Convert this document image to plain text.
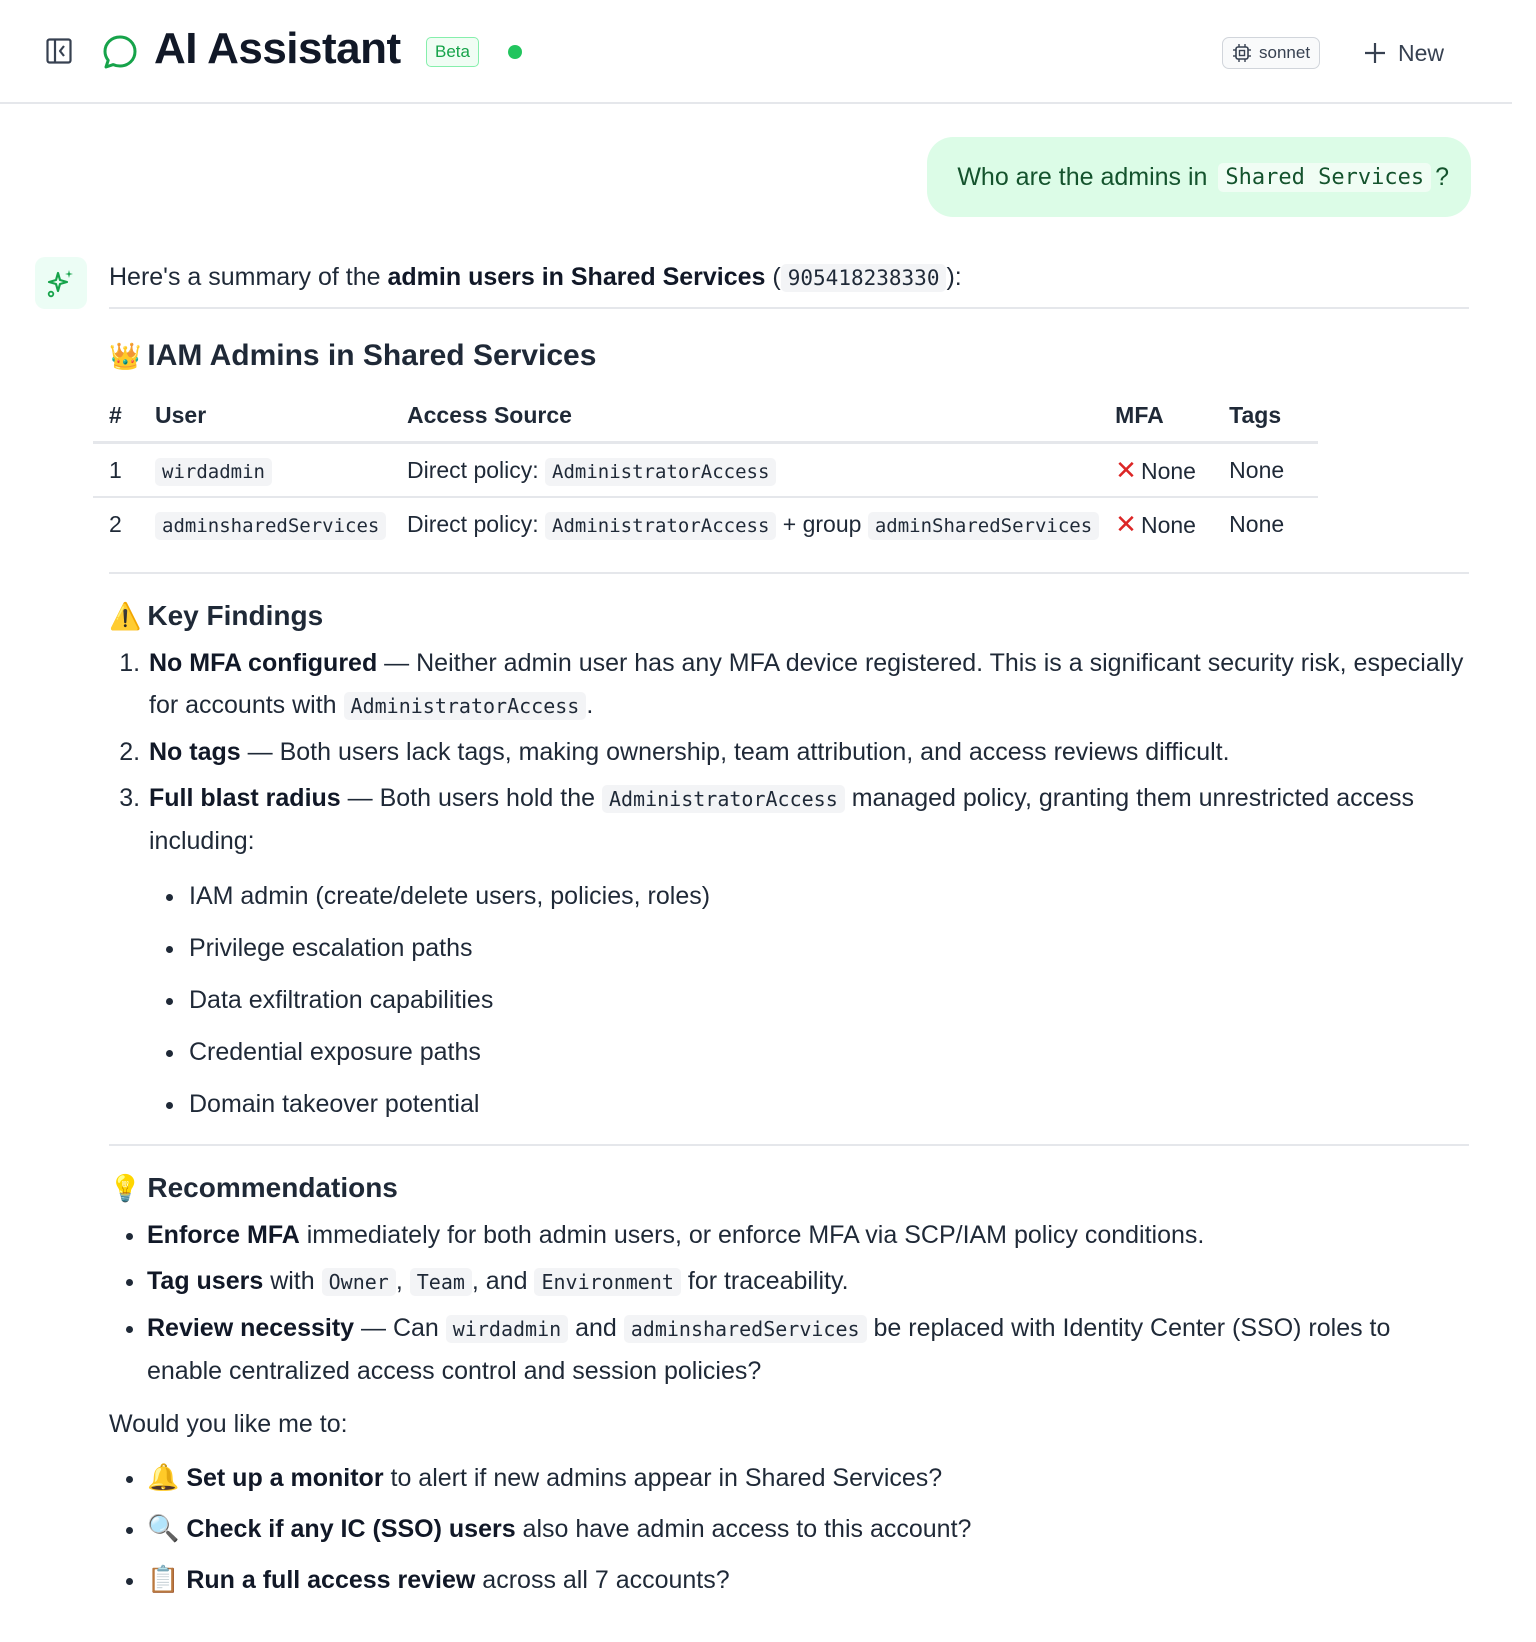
AI Assistant	Beta	sonnet	New
Who are the admins in
Shared Services ?

Here's a summary of the admin users in Shared Services ( 905418238330 ):

👑 IAM Admins in Shared Services
#	User	Access Source	MFA	Tags
1	wirdadmin	Direct policy: AdministratorAccess	✕ None	None
2	adminsharedServices	Direct policy: AdministratorAccess + group adminSharedServices	✕ None	None
⚠️ Key Findings
1. No MFA configured — Neither admin user has any MFA device registered. This is a significant security risk, especially for accounts with AdministratorAccess .
2. No tags — Both users lack tags, making ownership, team attribution, and access reviews difficult.
3. Full blast radius — Both users hold the AdministratorAccess managed policy, granting them unrestricted access including:
• IAM admin (create/delete users, policies, roles)
• Privilege escalation paths
• Data exfiltration capabilities
• Credential exposure paths
• Domain takeover potential
💡 Recommendations
• Enforce MFA immediately for both admin users, or enforce MFA via SCP/IAM policy conditions.
• Tag users with Owner , Team , and Environment for traceability.
• Review necessity — Can wirdadmin and adminsharedServices be replaced with Identity Center (SSO) roles to enable centralized access control and session policies?

Would you like me to:

• 🔔 Set up a monitor to alert if new admins appear in Shared Services?
• 🔍 Check if any IC (SSO) users also have admin access to this account?
• 📋 Run a full access review across all 7 accounts?
